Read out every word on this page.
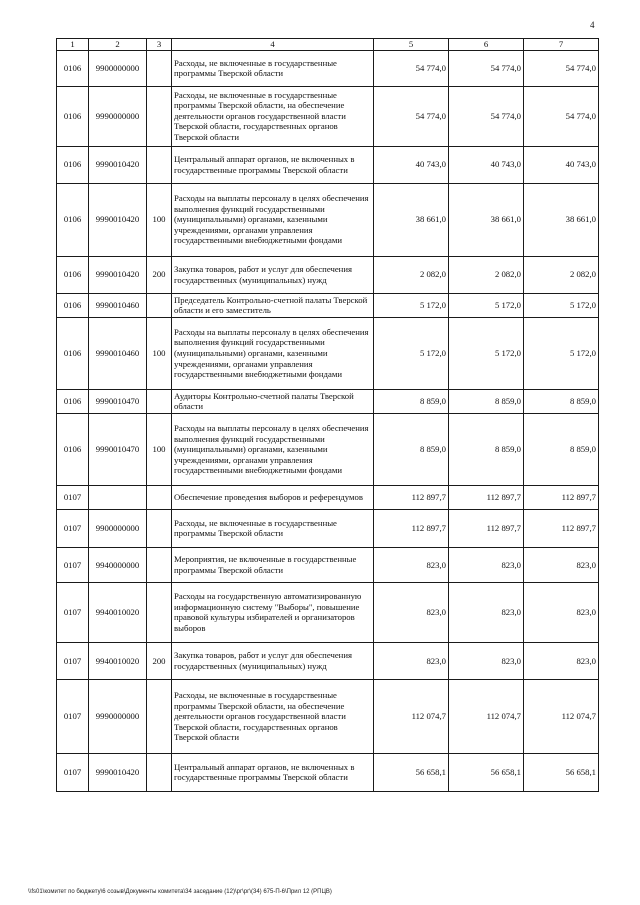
4
1	2	3	4	5	6	7
0106	9900000000		Расходы, не включенные в государственные программы Тверской области	54 774,0	54 774,0	54 774,0
0106	9990000000		Расходы, не включенные в государственные программы Тверской области, на обеспечение деятельности органов государственной власти Тверской области, государственных органов Тверской области	54 774,0	54 774,0	54 774,0
0106	9990010420		Центральный аппарат органов, не включенных в государственные программы Тверской области	40 743,0	40 743,0	40 743,0
0106	9990010420	100	Расходы на выплаты персоналу в целях обеспечения выполнения функций государственными (муниципальными) органами, казенными учреждениями, органами управления государственными внебюджетными фондами	38 661,0	38 661,0	38 661,0
0106	9990010420	200	Закупка товаров, работ и услуг для обеспечения государственных (муниципальных) нужд	2 082,0	2 082,0	2 082,0
0106	9990010460		Председатель Контрольно-счетной палаты Тверской области и его заместитель	5 172,0	5 172,0	5 172,0
0106	9990010460	100	Расходы на выплаты персоналу в целях обеспечения выполнения функций государственными (муниципальными) органами, казенными учреждениями, органами управления государственными внебюджетными фондами	5 172,0	5 172,0	5 172,0
0106	9990010470		Аудиторы Контрольно-счетной палаты Тверской области	8 859,0	8 859,0	8 859,0
0106	9990010470	100	Расходы на выплаты персоналу в целях обеспечения выполнения функций государственными (муниципальными) органами, казенными учреждениями, органами управления государственными внебюджетными фондами	8 859,0	8 859,0	8 859,0
0107			Обеспечение проведения выборов и референдумов	112 897,7	112 897,7	112 897,7
0107	9900000000		Расходы, не включенные в государственные программы Тверской области	112 897,7	112 897,7	112 897,7
0107	9940000000		Мероприятия, не включенные в государственные программы Тверской области	823,0	823,0	823,0
0107	9940010020		Расходы на государственную автоматизированную информационную систему "Выборы", повышение правовой культуры избирателей и организаторов выборов	823,0	823,0	823,0
0107	9940010020	200	Закупка товаров, работ и услуг для обеспечения государственных (муниципальных) нужд	823,0	823,0	823,0
0107	9990000000		Расходы, не включенные в государственные программы Тверской области, на обеспечение деятельности органов государственной власти Тверской области, государственных органов Тверской области	112 074,7	112 074,7	112 074,7
0107	9990010420		Центральный аппарат органов, не включенных в государственные программы Тверской области	56 658,1	56 658,1	56 658,1
\\fs01\комитет по бюджету\6 созыв\Документы комитета\34 заседание (12)\рг\рг\(34) 675-П-6\Прил 12 (РПЦВ)
